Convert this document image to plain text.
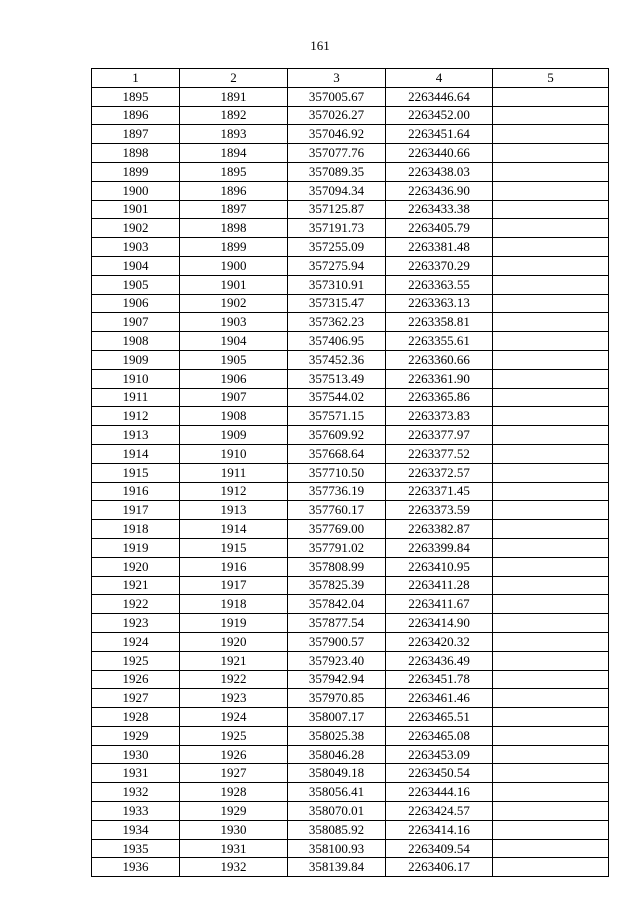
161
1	2	3	4	5
1895	1891	357005.67	2263446.64	
1896	1892	357026.27	2263452.00	
1897	1893	357046.92	2263451.64	
1898	1894	357077.76	2263440.66	
1899	1895	357089.35	2263438.03	
1900	1896	357094.34	2263436.90	
1901	1897	357125.87	2263433.38	
1902	1898	357191.73	2263405.79	
1903	1899	357255.09	2263381.48	
1904	1900	357275.94	2263370.29	
1905	1901	357310.91	2263363.55	
1906	1902	357315.47	2263363.13	
1907	1903	357362.23	2263358.81	
1908	1904	357406.95	2263355.61	
1909	1905	357452.36	2263360.66	
1910	1906	357513.49	2263361.90	
1911	1907	357544.02	2263365.86	
1912	1908	357571.15	2263373.83	
1913	1909	357609.92	2263377.97	
1914	1910	357668.64	2263377.52	
1915	1911	357710.50	2263372.57	
1916	1912	357736.19	2263371.45	
1917	1913	357760.17	2263373.59	
1918	1914	357769.00	2263382.87	
1919	1915	357791.02	2263399.84	
1920	1916	357808.99	2263410.95	
1921	1917	357825.39	2263411.28	
1922	1918	357842.04	2263411.67	
1923	1919	357877.54	2263414.90	
1924	1920	357900.57	2263420.32	
1925	1921	357923.40	2263436.49	
1926	1922	357942.94	2263451.78	
1927	1923	357970.85	2263461.46	
1928	1924	358007.17	2263465.51	
1929	1925	358025.38	2263465.08	
1930	1926	358046.28	2263453.09	
1931	1927	358049.18	2263450.54	
1932	1928	358056.41	2263444.16	
1933	1929	358070.01	2263424.57	
1934	1930	358085.92	2263414.16	
1935	1931	358100.93	2263409.54	
1936	1932	358139.84	2263406.17	
